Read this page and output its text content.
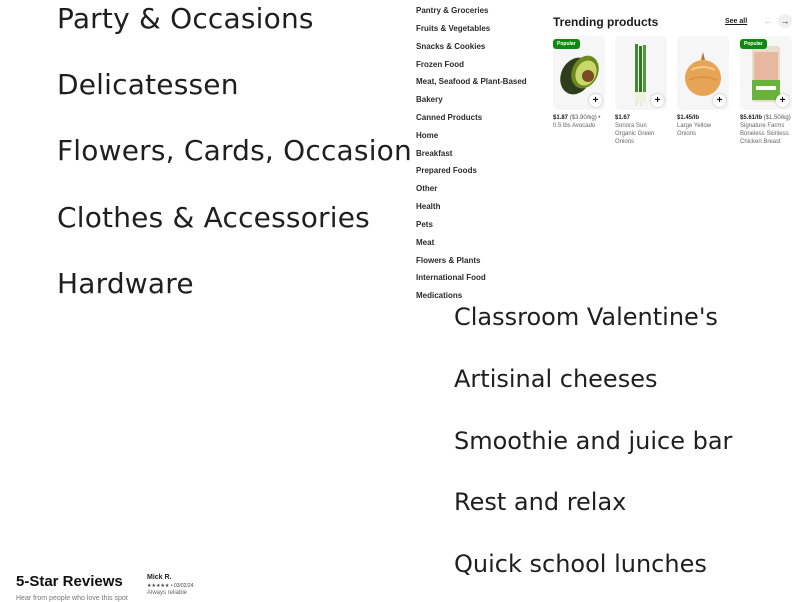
Party & Occasions
Delicatessen
Flowers, Cards, Occasion
Clothes & Accessories
Hardware
Pantry & Groceries
Fruits & Vegetables
Snacks & Cookies
Frozen Food
Meat, Seafood & Plant-Based
Bakery
Canned Products
Home
Breakfast
Prepared Foods
Other
Health
Pets
Meat
Flowers & Plants
International Food
Medications
Trending products	See all ← →
Popular
+
$1.87 ($3.90/kg) •
0.5 lbs Avocado
+
$1.67
Sonora Sun Organic Green Onions
+
$1.45/lb
Large Yellow Onions
Popular
+
$5.61/lb ($1.50/kg)
Signature Farms Boneless Skinless Chicken Breast
Classroom Valentine's
Artisinal cheeses
Smoothie and juice bar
Rest and relax
Quick school lunches
5-Star Reviews
Hear from people who love this spot
Mick R.
★★★★★ • 03/02/24
Always reliable
